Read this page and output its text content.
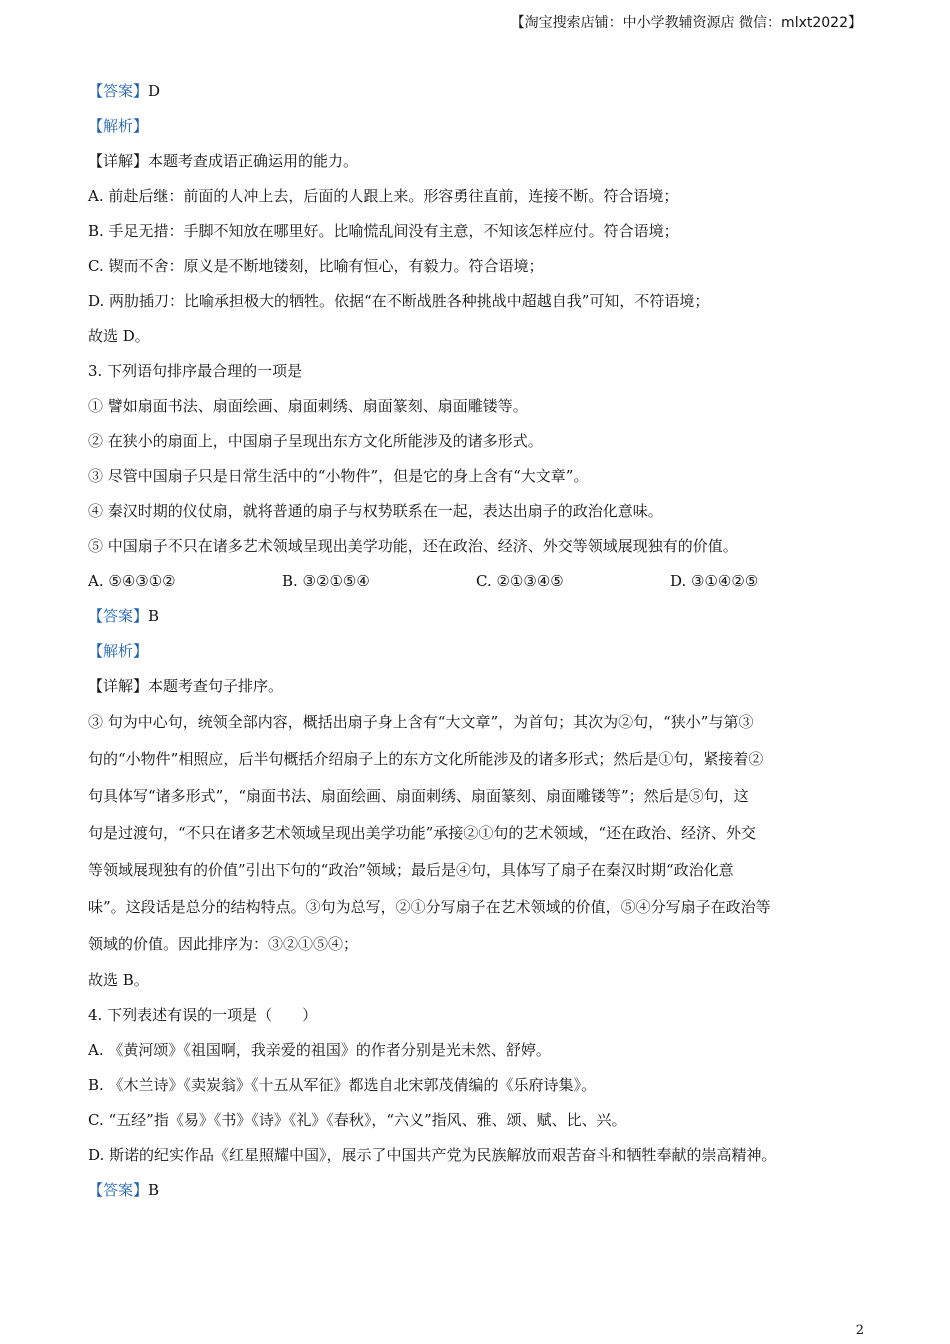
【淘宝搜索店铺：中小学教辅资源店 微信：mlxt2022】
【答案】D
【解析】
【详解】本题考查成语正确运用的能力。
A. 前赴后继：前面的人冲上去，后面的人跟上来。形容勇往直前，连接不断。符合语境；
B. 手足无措：手脚不知放在哪里好。比喻慌乱间没有主意，不知该怎样应付。符合语境；
C. 锲而不舍：原义是不断地镂刻，比喻有恒心，有毅力。符合语境；
D. 两肋插刀：比喻承担极大的牺牲。依据“在不断战胜各种挑战中超越自我”可知，不符语境；
故选 D。
3. 下列语句排序最合理的一项是
① 譬如扇面书法、扇面绘画、扇面刺绣、扇面篆刻、扇面雕镂等。
② 在狭小的扇面上，中国扇子呈现出东方文化所能涉及的诸多形式。
③ 尽管中国扇子只是日常生活中的“小物件”，但是它的身上含有“大文章”。
④ 秦汉时期的仪仗扇，就将普通的扇子与权势联系在一起，表达出扇子的政治化意味。
⑤ 中国扇子不只在诸多艺术领域呈现出美学功能，还在政治、经济、外交等领域展现独有的价值。
A. ⑤④③①②	B. ③②①⑤④	C. ②①③④⑤	D. ③①④②⑤
【答案】B
【解析】
【详解】本题考查句子排序。
③ 句为中心句，统领全部内容，概括出扇子身上含有“大文章”，为首句；其次为②句，“狭小”与第③
句的“小物件”相照应，后半句概括介绍扇子上的东方文化所能涉及的诸多形式；然后是①句，紧接着②
句具体写“诸多形式”，“扇面书法、扇面绘画、扇面刺绣、扇面篆刻、扇面雕镂等”；然后是⑤句，这
句是过渡句，“不只在诸多艺术领域呈现出美学功能”承接②①句的艺术领域，“还在政治、经济、外交
等领域展现独有的价值”引出下句的“政治”领域；最后是④句，具体写了扇子在秦汉时期“政治化意
味”。这段话是总分的结构特点。③句为总写，②①分写扇子在艺术领域的价值，⑤④分写扇子在政治等
领域的价值。因此排序为：③②①⑤④；
故选 B。
4. 下列表述有误的一项是（　　）
A. 《黄河颂》《祖国啊，我亲爱的祖国》的作者分别是光未然、舒婷。
B. 《木兰诗》《卖炭翁》《十五从军征》都选自北宋郭茂倩编的《乐府诗集》。
C. “五经”指《易》《书》《诗》《礼》《春秋》，“六义”指风、雅、颂、赋、比、兴。
D. 斯诺的纪实作品《红星照耀中国》，展示了中国共产党为民族解放而艰苦奋斗和牺牲奉献的崇高精神。
【答案】B
2
